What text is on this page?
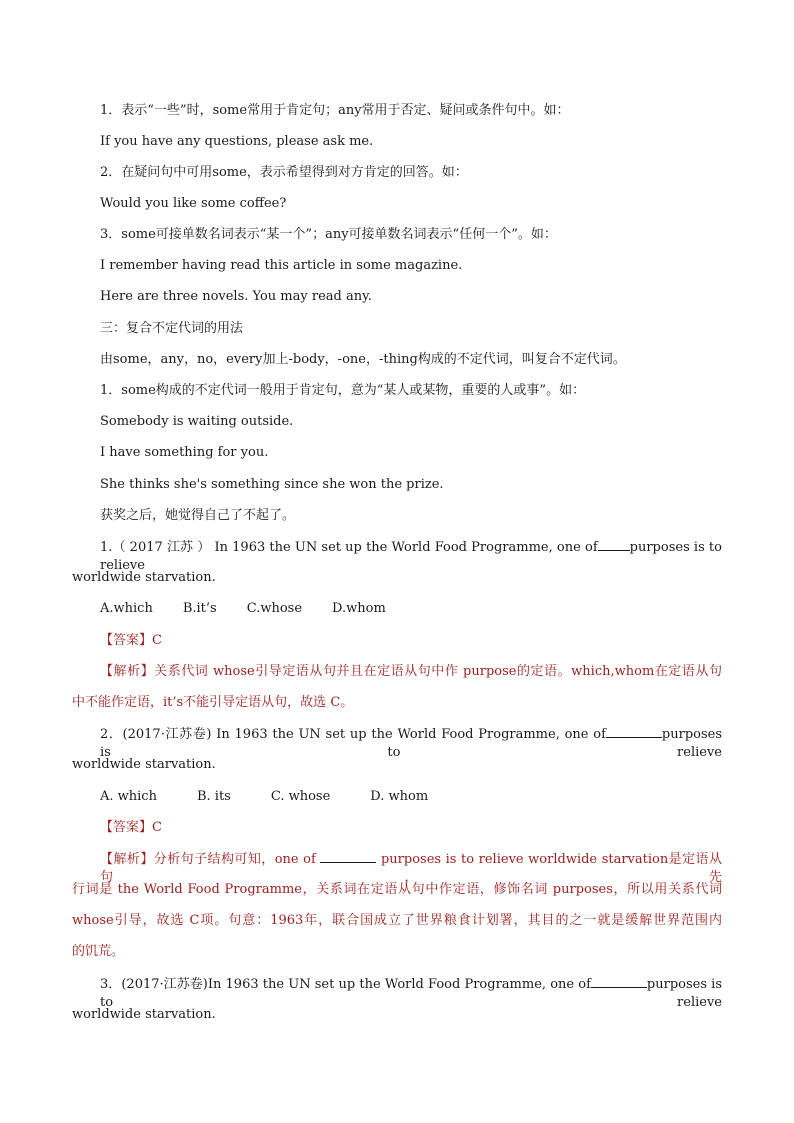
1．表示“一些”时，some常用于肯定句；any常用于否定、疑问或条件句中。如：
If you have any questions, please ask me.
2．在疑问句中可用some，表示希望得到对方肯定的回答。如：
Would you like some coffee?
3．some可接单数名词表示“某一个”；any可接单数名词表示“任何一个”。如：
I remember having read this article in some magazine.
Here are three novels. You may read any.
三：复合不定代词的用法
由some，any，no，every加上-body，-one，-thing构成的不定代词，叫复合不定代词。
1．some构成的不定代词一般用于肯定句，意为“某人或某物，重要的人或事”。如：
Somebody is waiting outside.
I have something for you.
She thinks she's something since she won the prize.
获奖之后，她觉得自己了不起了。
1.（ 2017 江苏 ） In 1963 the UN set up the World Food Programme, one of purposes is to relieve
worldwide starvation.
A.which B.it’s C.whose D.whom
【答案】C
【解析】关系代词 whose引导定语从句并且在定语从句中作 purpose的定语。which,whom在定语从句
中不能作定语，it’s不能引导定语从句，故选 C。
2．(2017·江苏卷) In 1963 the UN set up the World Food Programme, one of	purposes is to relieve
worldwide starvation.
A. which	B. its	C. whose	D. whom
【答案】C
【解析】分析句子结构可知，one of	purposes is to relieve worldwide starvation是定语从句，先
行词是 the World Food Programme，关系词在定语从句中作定语，修饰名词 purposes，所以用关系代词
whose引导，故选 C项。句意：1963年，联合国成立了世界粮食计划署，其目的之一就是缓解世界范围内
的饥荒。
3．(2017·江苏卷)In 1963 the UN set up the World Food Programme, one of	purposes is to relieve
worldwide starvation.
